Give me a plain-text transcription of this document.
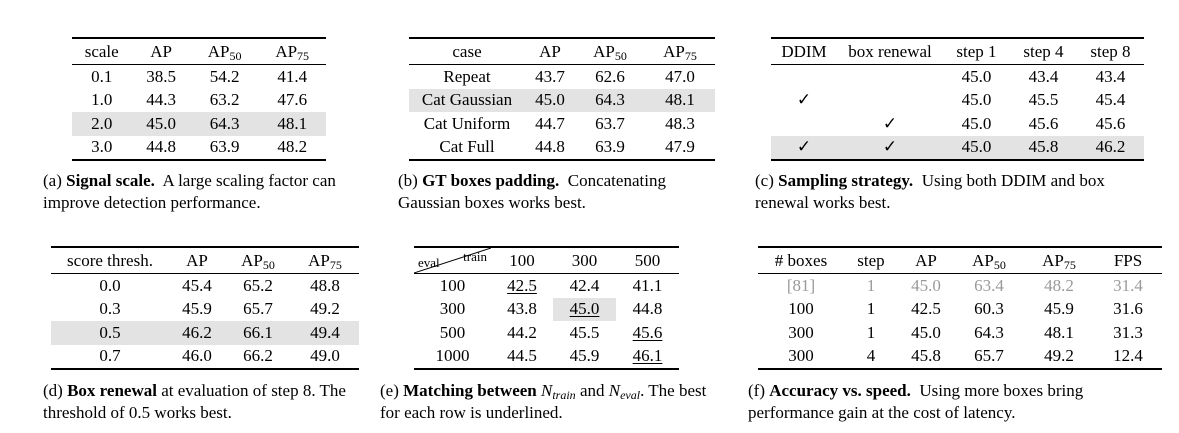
scale	AP	$AP_{50}$	$AP_{75}$
0.1	38.5	54.2	41.4
1.0	44.3	63.2	47.6
2.0	45.0	64.3	48.1
3.0	44.8	63.9	48.2
(a) Signal scale. A large scaling factor can improve detection performance.
case	AP	$AP_{50}$	$AP_{75}$
Repeat	43.7	62.6	47.0
Cat Gaussian	45.0	64.3	48.1
Cat Uniform	44.7	63.7	48.3
Cat Full	44.8	63.9	47.9
(b) GT boxes padding. Concatenating Gaussian boxes works best.
DDIM	box renewal	step 1	step 4	step 8
		45.0	43.4	43.4
✓		45.0	45.5	45.4
	✓	45.0	45.6	45.6
✓	✓	45.0	45.8	46.2
(c) Sampling strategy. Using both DDIM and box renewal works best.
score thresh.	AP	$AP_{50}$	$AP_{75}$
0.0	45.4	65.2	48.8
0.3	45.9	65.7	49.2
0.5	46.2	66.1	49.4
0.7	46.0	66.2	49.0
(d) Box renewal at evaluation of step 8. The threshold of 0.5 works best.
eval train	100	300	500
100	42.5	42.4	41.1
300	43.8	45.0	44.8
500	44.2	45.5	45.6
1000	44.5	45.9	46.1
(e) Matching between $N_{train}$ and $N_{eval}$. The best for each row is underlined.
# boxes	step	AP	$AP_{50}$	$AP_{75}$	FPS
[81]	1	45.0	63.4	48.2	31.4
100	1	42.5	60.3	45.9	31.6
300	1	45.0	64.3	48.1	31.3
300	4	45.8	65.7	49.2	12.4
(f) Accuracy vs. speed. Using more boxes bring performance gain at the cost of latency.
